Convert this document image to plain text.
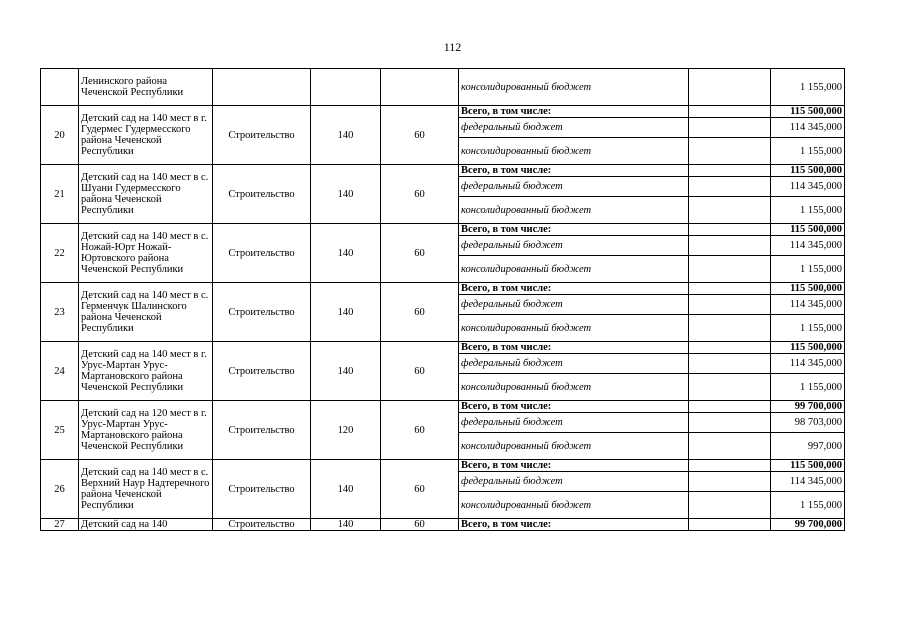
112
	Ленинского района Чеченской Республики				консолидированный бюджет		1 155,000
20	Детский сад на 140 мест в г. Гудермес Гудермесского района Чеченской Республики	Строительство	140	60	Всего, в том числе:		115 500,000
					федеральный бюджет		114 345,000
					консолидированный бюджет		1 155,000
21	Детский сад на 140 мест в с. Шуани Гудермесского района Чеченской Республики	Строительство	140	60	Всего, в том числе:		115 500,000
					федеральный бюджет		114 345,000
					консолидированный бюджет		1 155,000
22	Детский сад на 140 мест в с. Ножай-Юрт Ножай-Юртовского района Чеченской Республики	Строительство	140	60	Всего, в том числе:		115 500,000
					федеральный бюджет		114 345,000
					консолидированный бюджет		1 155,000
23	Детский сад на 140 мест в с. Герменчук Шалинского района Чеченской Республики	Строительство	140	60	Всего, в том числе:		115 500,000
					федеральный бюджет		114 345,000
					консолидированный бюджет		1 155,000
24	Детский сад на 140 мест в г. Урус-Мартан Урус-Мартановского района Чеченской Республики	Строительство	140	60	Всего, в том числе:		115 500,000
					федеральный бюджет		114 345,000
					консолидированный бюджет		1 155,000
25	Детский сад на 120 мест в г. Урус-Мартан Урус-Мартановского района Чеченской Республики	Строительство	120	60	Всего, в том числе:		99 700,000
					федеральный бюджет		98 703,000
					консолидированный бюджет		997,000
26	Детский сад на 140 мест в с. Верхний Наур Надтеречного района Чеченской Республики	Строительство	140	60	Всего, в том числе:		115 500,000
					федеральный бюджет		114 345,000
					консолидированный бюджет		1 155,000
27	Детский сад на 140	Строительство	140	60	Всего, в том числе:		99 700,000
